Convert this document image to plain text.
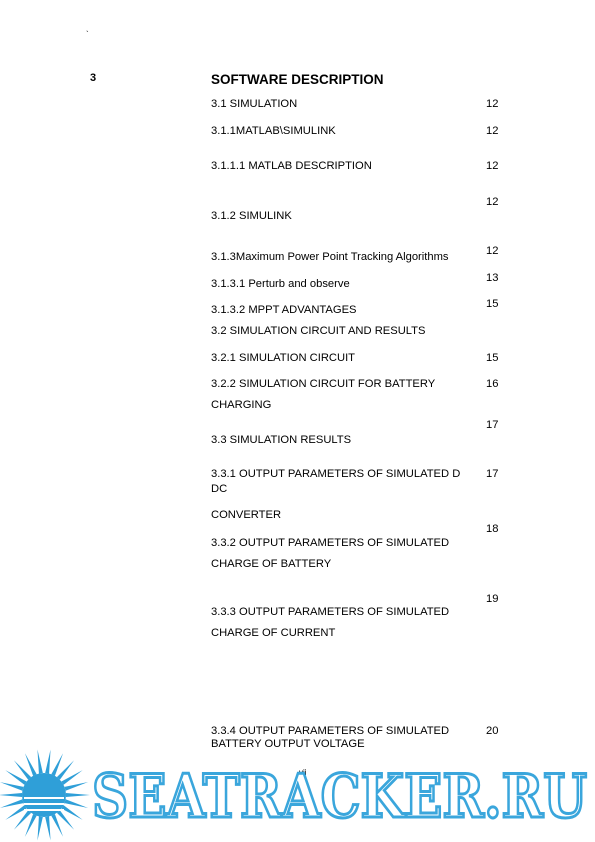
`
3	SOFTWARE DESCRIPTION
3.1 SIMULATION
3.1.1MATLAB\SIMULINK
3.1.1.1 MATLAB DESCRIPTION
3.1.2 SIMULINK
3.1.3Maximum Power Point Tracking Algorithms
3.1.3.1 Perturb and observe
3.1.3.2 MPPT ADVANTAGES
3.2 SIMULATION CIRCUIT AND RESULTS
3.2.1 SIMULATION CIRCUIT
3.2.2 SIMULATION CIRCUIT FOR BATTERY
CHARGING
3.3 SIMULATION RESULTS
3.3.1 OUTPUT PARAMETERS OF SIMULATED D
DC
CONVERTER
3.3.2 OUTPUT PARAMETERS OF SIMULATED
CHARGE OF BATTERY
3.3.3 OUTPUT PARAMETERS OF SIMULATED
CHARGE OF CURRENT
3.3.4 OUTPUT PARAMETERS OF SIMULATED
BATTERY OUTPUT VOLTAGE
12
12
12
12
12
13
15
15
16
17
17
18
19
20
vii
SEATRACKER.RU
